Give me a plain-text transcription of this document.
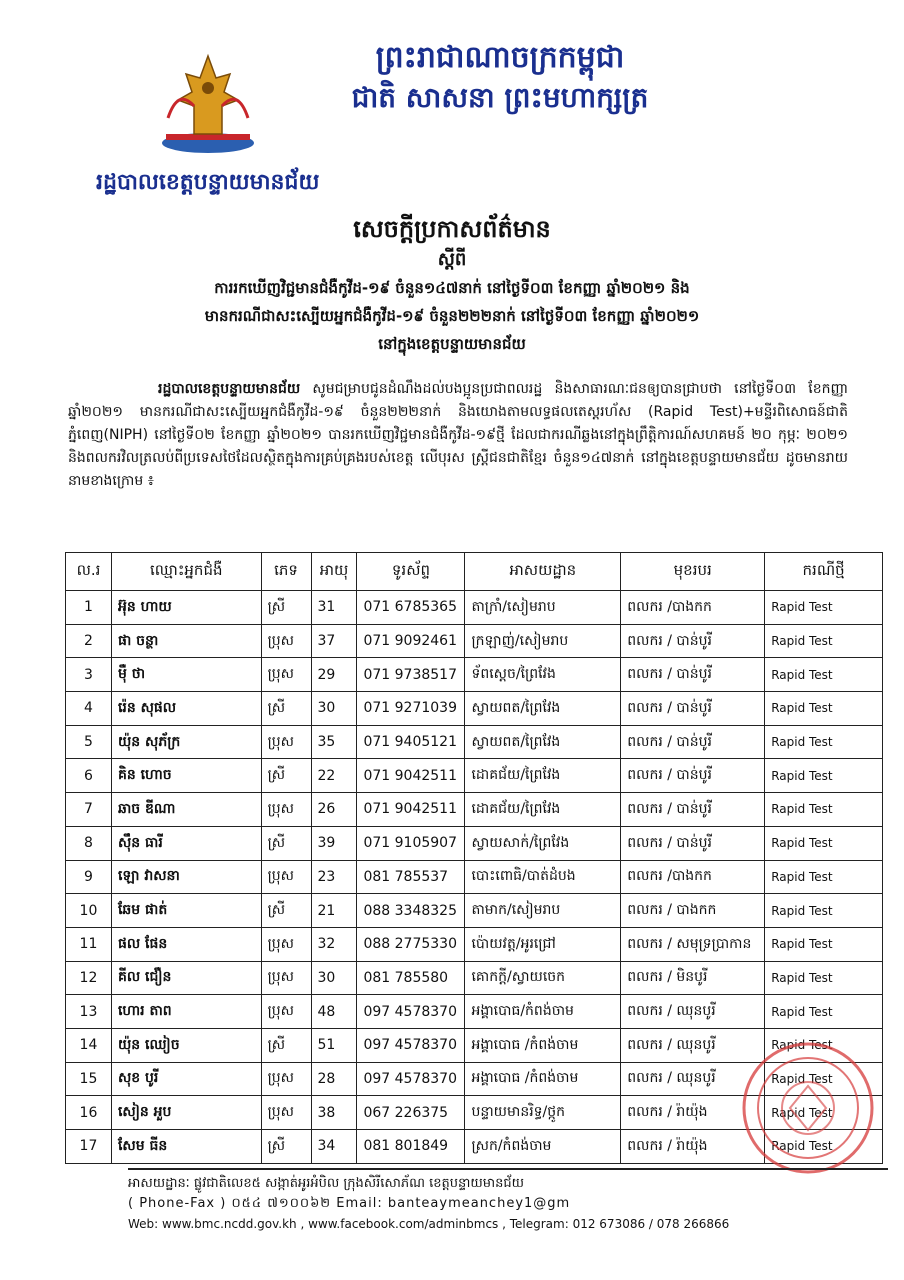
ព្រះរាជាណាចក្រកម្ពុជា
ជាតិ សាសនា ព្រះមហាក្សត្រ
រដ្ឋបាលខេត្តបន្ទាយមានជ័យ
សេចក្តីប្រកាសព័ត៌មាន
ស្តីពី
ការរកឃើញវិជ្ជមានជំងឺកូវីដ-១៩ ចំនួន១៤៧នាក់ នៅថ្ងៃទី០៣ ខែកញ្ញា ឆ្នាំ២០២១ និង
មានករណីជាសះស្បើយអ្នកជំងឺកូវីដ-១៩ ចំនួន២២២នាក់ នៅថ្ងៃទី០៣ ខែកញ្ញា ឆ្នាំ២០២១
នៅក្នុងខេត្តបន្ទាយមានជ័យ

រដ្ឋបាលខេត្តបន្ទាយមានជ័យ សូមជម្រាបជូនដំណឹងដល់បងប្អូនប្រជាពលរដ្ឋ និងសាធារណៈជនឲ្យបានជ្រាបថា នៅថ្ងៃទី០៣ ខែកញ្ញា ឆ្នាំ២០២១ មានករណីជាសះស្បើយអ្នកជំងឺកូវីដ-១៩ ចំនួន២២២នាក់ និងយោងតាមលទ្ធផលតេស្តរហ័ស (Rapid Test)+មន្ទីរពិសោធន៍ជាតិភ្នំពេញ(NIPH) នៅថ្ងៃទី០២ ខែកញ្ញា ឆ្នាំ២០២១ បានរកឃើញវិជ្ជមានជំងឺកូវីដ-១៩ថ្មី ដែលជាករណីឆ្លងនៅក្នុងព្រឹត្តិការណ៍សហគមន៍ ២០ កុម្ភៈ ២០២១ និងពលករវិលត្រលប់ពីប្រទេសថៃដែលស្ថិតក្នុងការគ្រប់គ្រងរបស់ខេត្ត លើបុរស ស្ត្រីជនជាតិខ្មែរ ចំនួន១៤៧នាក់ នៅក្នុងខេត្តបន្ទាយមានជ័យ ដូចមានរាយនាមខាងក្រោម ៖

ល.រ	ឈ្មោះអ្នកជំងឺ	ភេទ	អាយុ	ទូរស័ព្ទ	អាសយដ្ឋាន	មុខរបរ	ករណីថ្មី
1	អ៊ុន ហាយ	ស្រី	31	071 6785365	តាក្រាំ/សៀមរាប	ពលករ /បាងកក	Rapid Test
2	ផា ចន្ថា	ប្រុស	37	071 9092461	ក្រឡាញ់/សៀមរាប	ពលករ / បាន់បូរី	Rapid Test
3	ម៉ឺ ថា	ប្រុស	29	071 9738517	ទ័ពស្តេច/ព្រៃវែង	ពលករ / បាន់បូរី	Rapid Test
4	រ៉េន សុផល	ស្រី	30	071 9271039	ស្វាយពត/ព្រៃវែង	ពលករ / បាន់បូរី	Rapid Test
5	យ៉ុន សុភ័ក្រ	ប្រុស	35	071 9405121	ស្វាយពត/ព្រៃវែង	ពលករ / បាន់បូរី	Rapid Test
6	គិន ហោច	ស្រី	22	071 9042511	ដោគជ័យ/ព្រៃវែង	ពលករ / បាន់បូរី	Rapid Test
7	ឆាច ឌីណា	ប្រុស	26	071 9042511	ដោគជ័យ/ព្រៃវែង	ពលករ / បាន់បូរី	Rapid Test
8	ស៊ឹន ធារី	ស្រី	39	071 9105907	ស្វាយសាក់/ព្រៃវែង	ពលករ / បាន់បូរី	Rapid Test
9	ឡោ វាសនា	ប្រុស	23	081 785537	បោះពោធិ/បាត់ដំបង	ពលករ /បាងកក	Rapid Test
10	ឆែម ផាត់	ស្រី	21	088 3348325	តាមាក/សៀមរាប	ពលករ / បាងកក	Rapid Test
11	ផល ផែន	ប្រុស	32	088 2775330	ប៉ោយវត្ត/អូរជ្រៅ	ពលករ / សមុទ្រប្រាកាន	Rapid Test
12	គីល ជឿន	ប្រុស	30	081 785580	គោកក្ដី/ស្វាយចេក	ពលករ / មិនបូរី	Rapid Test
13	ហោរ តាព	ប្រុស	48	097 4578370	អង្គាបោធ/កំពង់ចាម	ពលករ / ឈុនបូរី	Rapid Test
14	យ៉ុន ឈៀច	ស្រី	51	097 4578370	អង្គាបោធ /កំពង់ចាម	ពលករ / ឈុនបូរី	Rapid Test
15	សុខ បូរី	ប្រុស	28	097 4578370	អង្គាបោធ /កំពង់ចាម	ពលករ / ឈុនបូរី	Rapid Test
16	សៀន អួប	ប្រុស	38	067 226375	បន្ទាយមានរិទ្ធ/ថ្កូក	ពលករ / រ៉ាយ៉ុង	Rapid Test
17	សែម ធីន	ស្រី	34	081 801849	ស្រក/កំពង់ចាម	ពលករ / រ៉ាយ៉ុង	Rapid Test
អាសយដ្ឋានៈ ផ្លូវជាតិលេខ៥ សង្កាត់អូរអំបិល ក្រុងសិរីសោភ័ណ ខេត្តបន្ទាយមានជ័យ
( Phone-Fax ) ០៥៤ ៧១០០៦២ Email: banteaymeanchey1@gm
Web: www.bmc.ncdd.gov.kh , www.facebook.com/adminbmcs , Telegram: 012 673086 / 078 266866
